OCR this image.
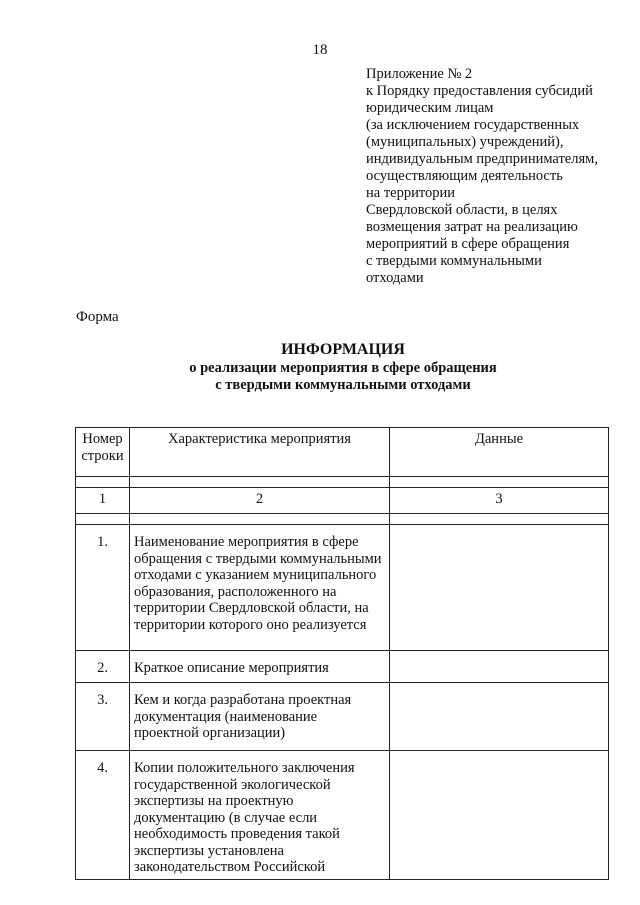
18
Приложение № 2
к Порядку предоставления субсидий
юридическим лицам
(за исключением государственных
(муниципальных) учреждений),
индивидуальным предпринимателям,
осуществляющим деятельность
на территории
Свердловской области, в целях
возмещения затрат на реализацию
мероприятий в сфере обращения
с твердыми коммунальными
отходами
Форма
ИНФОРМАЦИЯ
о реализации мероприятия в сфере обращения
с твердыми коммунальными отходами
Номер строки	Характеристика мероприятия	Данные

1	2	3

1.	Наименование мероприятия в сфере обращения с твердыми коммунальными отходами с указанием муниципального образования, расположенного на территории Свердловской области, на территории которого оно реализуется	
2.	Краткое описание мероприятия	
3.	Кем и когда разработана проектная документация (наименование проектной организации)	
4.	Копии положительного заключения государственной экологической экспертизы на проектную документацию (в случае если необходимость проведения такой экспертизы установлена законодательством Российской	
